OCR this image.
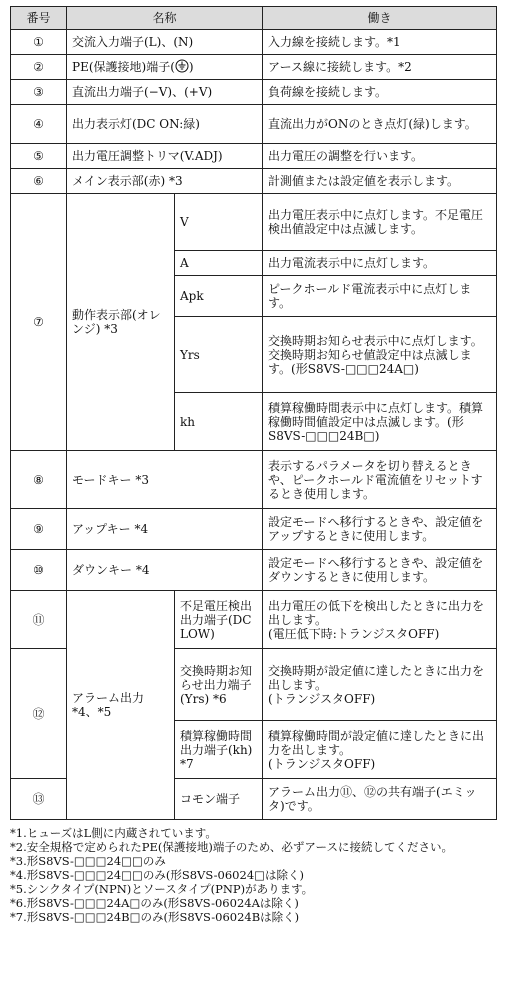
番号	名称		働き
①	交流入力端子(L)、(N)		入力線を接続します。*1
②	PE(保護接地)端子( )		アース線に接続します。*2
③	直流出力端子(−V)、(+V)		負荷線を接続します。
④	出力表示灯(DC ON:緑)		直流出力がONのとき点灯(緑)します。
⑤	出力電圧調整トリマ(V.ADJ)		出力電圧の調整を行います。
⑥	メイン表示部(赤) *3		計測値または設定値を表示します。
⑦	動作表示部(オレンジ) *3	V	出力電圧表示中に点灯します。不足電圧検出値設定中は点滅します。
		A	出力電流表示中に点灯します。
		Apk	ピークホールド電流表示中に点灯します。
		Yrs	交換時期お知らせ表示中に点灯します。交換時期お知らせ値設定中は点滅します。(形S8VS-□□□24A□)
		kh	積算稼働時間表示中に点灯します。積算稼働時間値設定中は点滅します。(形S8VS-□□□24B□)
⑧	モードキー *3		表示するパラメータを切り替えるときや、ピークホールド電流値をリセットするとき使用します。
⑨	アップキー *4		設定モードへ移行するときや、設定値をアップするときに使用します。
⑩	ダウンキー *4		設定モードへ移行するときや、設定値をダウンするときに使用します。
⑪	アラーム出力 *4、*5	不足電圧検出出力端子(DC LOW)	出力電圧の低下を検出したときに出力を出します。
(電圧低下時:トランジスタOFF)

⑫		交換時期お知らせ出力端子(Yrs) *6	交換時期が設定値に達したときに出力を出します。
(トランジスタOFF)

		積算稼働時間出力端子(kh) *7	積算稼働時間が設定値に達したときに出力を出します。
(トランジスタOFF)

⑬		コモン端子	アラーム出力⑪、⑫の共有端子(エミッタ)です。
*1. ヒューズはL側に内蔵されています。
*2. 安全規格で定められたPE(保護接地)端子のため、必ずアースに接続してください。
*3. 形S8VS-□□□24□□のみ
*4. 形S8VS-□□□24□□のみ(形S8VS-06024□は除く)
*5. シンクタイプ(NPN)とソースタイプ(PNP)があります。
*6. 形S8VS-□□□24A□のみ(形S8VS-06024Aは除く)
*7. 形S8VS-□□□24B□のみ(形S8VS-06024Bは除く)
